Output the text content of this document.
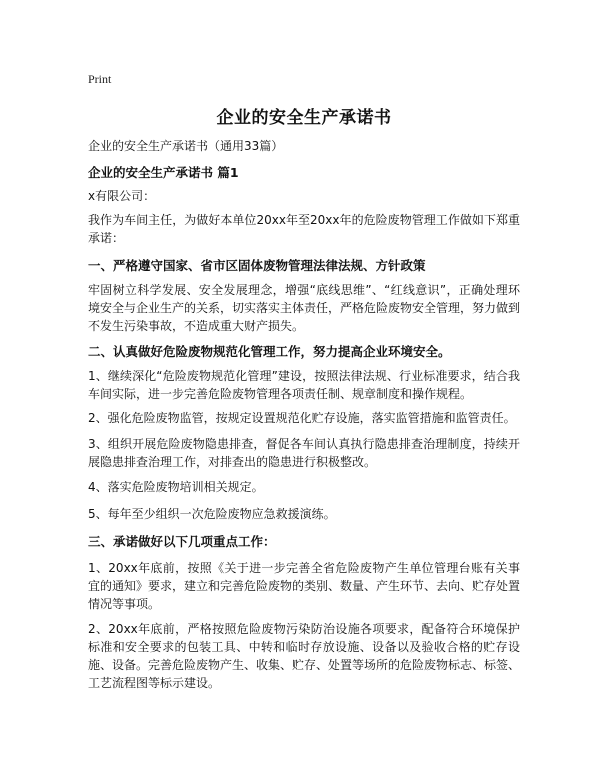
Print
企业的安全生产承诺书
企业的安全生产承诺书（通用33篇）
企业的安全生产承诺书 篇1
x有限公司：
我作为车间主任，为做好本单位20xx年至20xx年的危险废物管理工作做如下郑重承诺：
一、严格遵守国家、省市区固体废物管理法律法规、方针政策
牢固树立科学发展、安全发展理念，增强“底线思维”、“红线意识”，正确处理环境安全与企业生产的关系，切实落实主体责任，严格危险废物安全管理，努力做到不发生污染事故，不造成重大财产损失。
二、认真做好危险废物规范化管理工作，努力提高企业环境安全。
1、继续深化“危险废物规范化管理”建设，按照法律法规、行业标准要求，结合我车间实际，进一步完善危险废物管理各项责任制、规章制度和操作规程。
2、强化危险废物监管，按规定设置规范化贮存设施，落实监管措施和监管责任。
3、组织开展危险废物隐患排查，督促各车间认真执行隐患排查治理制度，持续开展隐患排查治理工作，对排查出的隐患进行积极整改。
4、落实危险废物培训相关规定。
5、每年至少组织一次危险废物应急救援演练。
三、承诺做好以下几项重点工作：
1、20xx年底前，按照《关于进一步完善全省危险废物产生单位管理台账有关事宜的通知》要求，建立和完善危险废物的类别、数量、产生环节、去向、贮存处置情况等事项。
2、20xx年底前，严格按照危险废物污染防治设施各项要求，配备符合环境保护标准和安全要求的包装工具、中转和临时存放设施、设备以及验收合格的贮存设施、设备。完善危险废物产生、收集、贮存、处置等场所的危险废物标志、标签、工艺流程图等标示建设。
